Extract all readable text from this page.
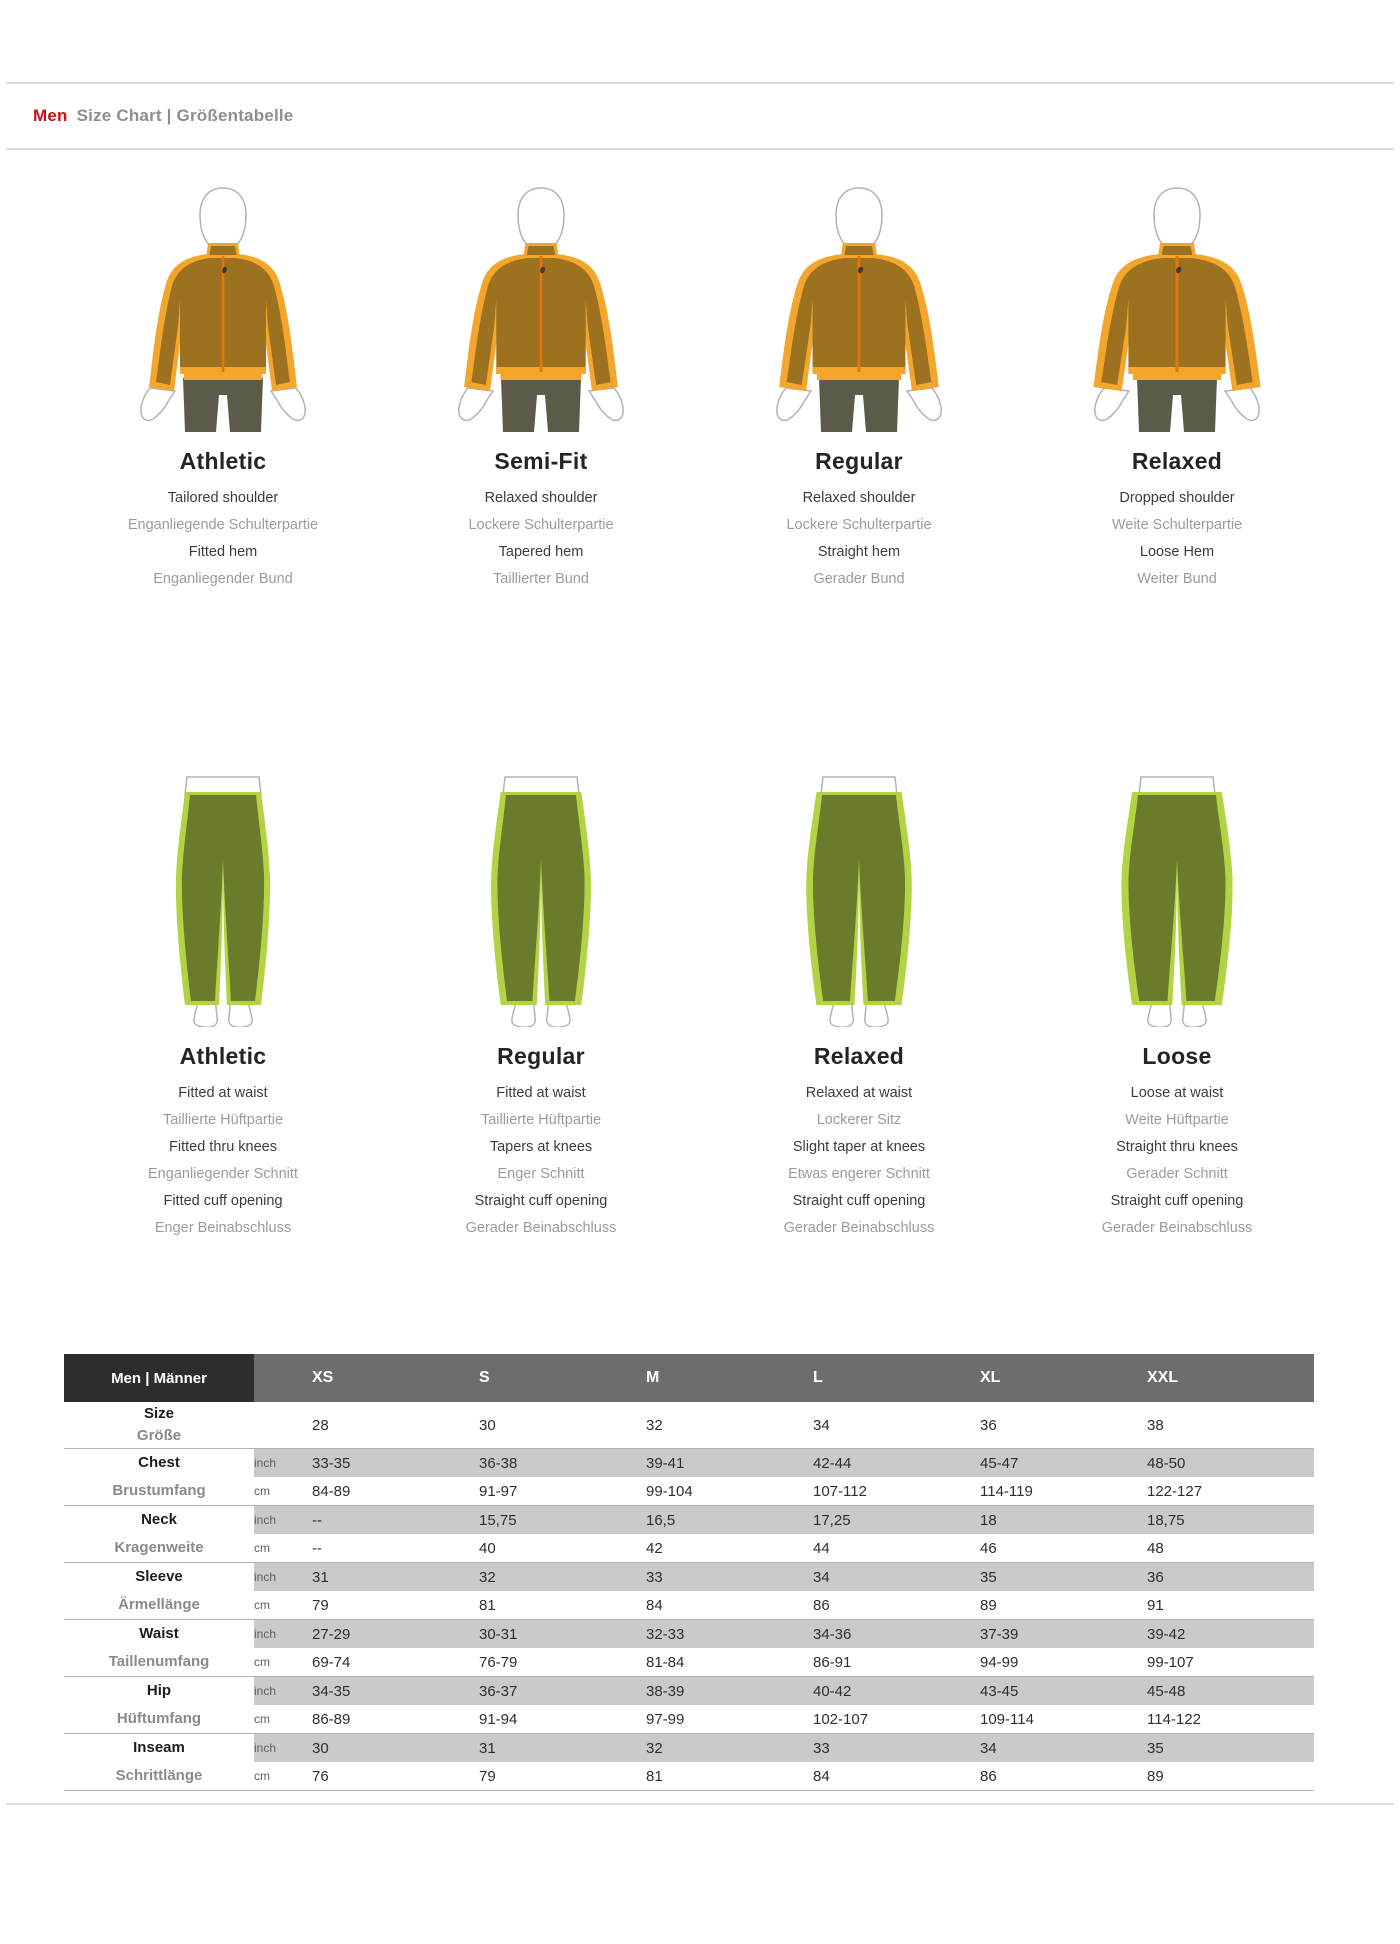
Men Size Chart | Größentabelle
Athletic
Tailored shoulder
Enganliegende Schulterpartie
Fitted hem
Enganliegender Bund
Semi-Fit
Relaxed shoulder
Lockere Schulterpartie
Tapered hem
Taillierter Bund
Regular
Relaxed shoulder
Lockere Schulterpartie
Straight hem
Gerader Bund
Relaxed
Dropped shoulder
Weite Schulterpartie
Loose Hem
Weiter Bund
Athletic
Fitted at waist
Taillierte Hüftpartie
Fitted thru knees
Enganliegender Schnitt
Fitted cuff opening
Enger Beinabschluss
Regular
Fitted at waist
Taillierte Hüftpartie
Tapers at knees
Enger Schnitt
Straight cuff opening
Gerader Beinabschluss
Relaxed
Relaxed at waist
Lockerer Sitz
Slight taper at knees
Etwas engerer Schnitt
Straight cuff opening
Gerader Beinabschluss
Loose
Loose at waist
Weite Hüftpartie
Straight thru knees
Gerader Schnitt
Straight cuff opening
Gerader Beinabschluss
Men | Männer		XS	S	M	L	XL	XXL

Size
Größe		28	30	32	34	36	38
Chest	inch	33-35	36-38	39-41	42-44	45-47	48-50
Brustumfang	cm	84-89	91-97	99-104	107-112	114-119	122-127
Neck	inch	--	15,75	16,5	17,25	18	18,75
Kragenweite	cm	--	40	42	44	46	48
Sleeve	inch	31	32	33	34	35	36
Ärmellänge	cm	79	81	84	86	89	91
Waist	inch	27-29	30-31	32-33	34-36	37-39	39-42
Taillenumfang	cm	69-74	76-79	81-84	86-91	94-99	99-107
Hip	inch	34-35	36-37	38-39	40-42	43-45	45-48
Hüftumfang	cm	86-89	91-94	97-99	102-107	109-114	114-122
Inseam	inch	30	31	32	33	34	35
Schrittlänge	cm	76	79	81	84	86	89
